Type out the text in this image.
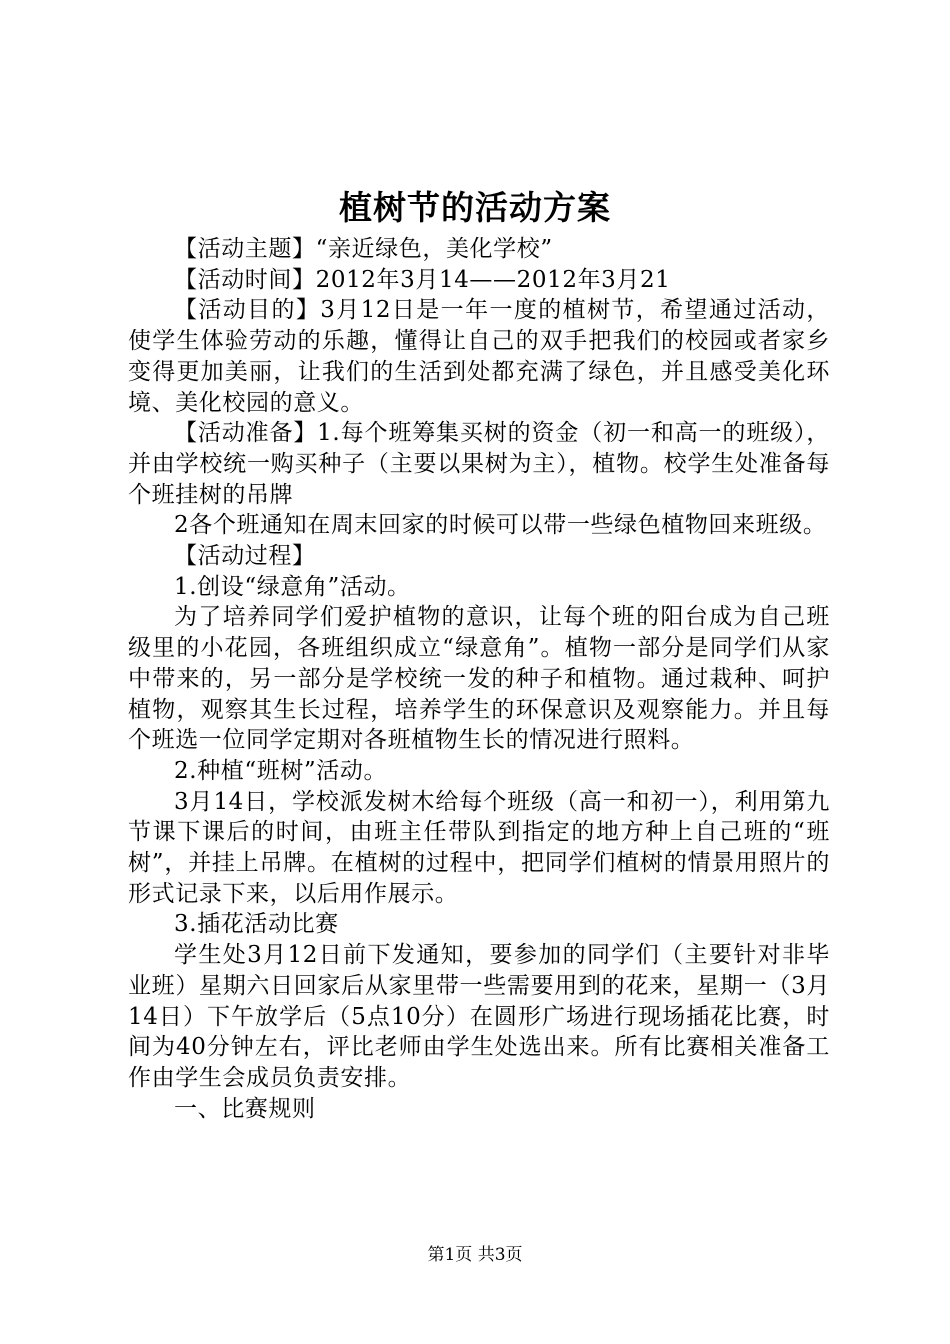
植树节的活动方案

【活动主题】“亲近绿色，美化学校”

【活动时间】2012年3月14——2012年3月21

【活动目的】3月12日是一年一度的植树节，希望通过活动，使学生体验劳动的乐趣，懂得让自己的双手把我们的校园或者家乡变得更加美丽，让我们的生活到处都充满了绿色，并且感受美化环境、美化校园的意义。

【活动准备】1.每个班筹集买树的资金（初一和高一的班级），并由学校统一购买种子（主要以果树为主），植物。校学生处准备每个班挂树的吊牌

2各个班通知在周末回家的时候可以带一些绿色植物回来班级。

【活动过程】

1.创设“绿意角”活动。

为了培养同学们爱护植物的意识，让每个班的阳台成为自己班级里的小花园，各班组织成立“绿意角”。植物一部分是同学们从家中带来的，另一部分是学校统一发的种子和植物。通过栽种、呵护植物，观察其生长过程，培养学生的环保意识及观察能力。并且每个班选一位同学定期对各班植物生长的情况进行照料。

2.种植“班树”活动。

3月14日，学校派发树木给每个班级（高一和初一），利用第九节课下课后的时间，由班主任带队到指定的地方种上自己班的“班树”，并挂上吊牌。在植树的过程中，把同学们植树的情景用照片的形式记录下来，以后用作展示。

3.插花活动比赛

学生处3月12日前下发通知，要参加的同学们（主要针对非毕业班）星期六日回家后从家里带一些需要用到的花来，星期一（3月14日）下午放学后（5点10分）在圆形广场进行现场插花比赛，时间为40分钟左右，评比老师由学生处选出来。所有比赛相关准备工作由学生会成员负责安排。

一、比赛规则

第1页 共3页
